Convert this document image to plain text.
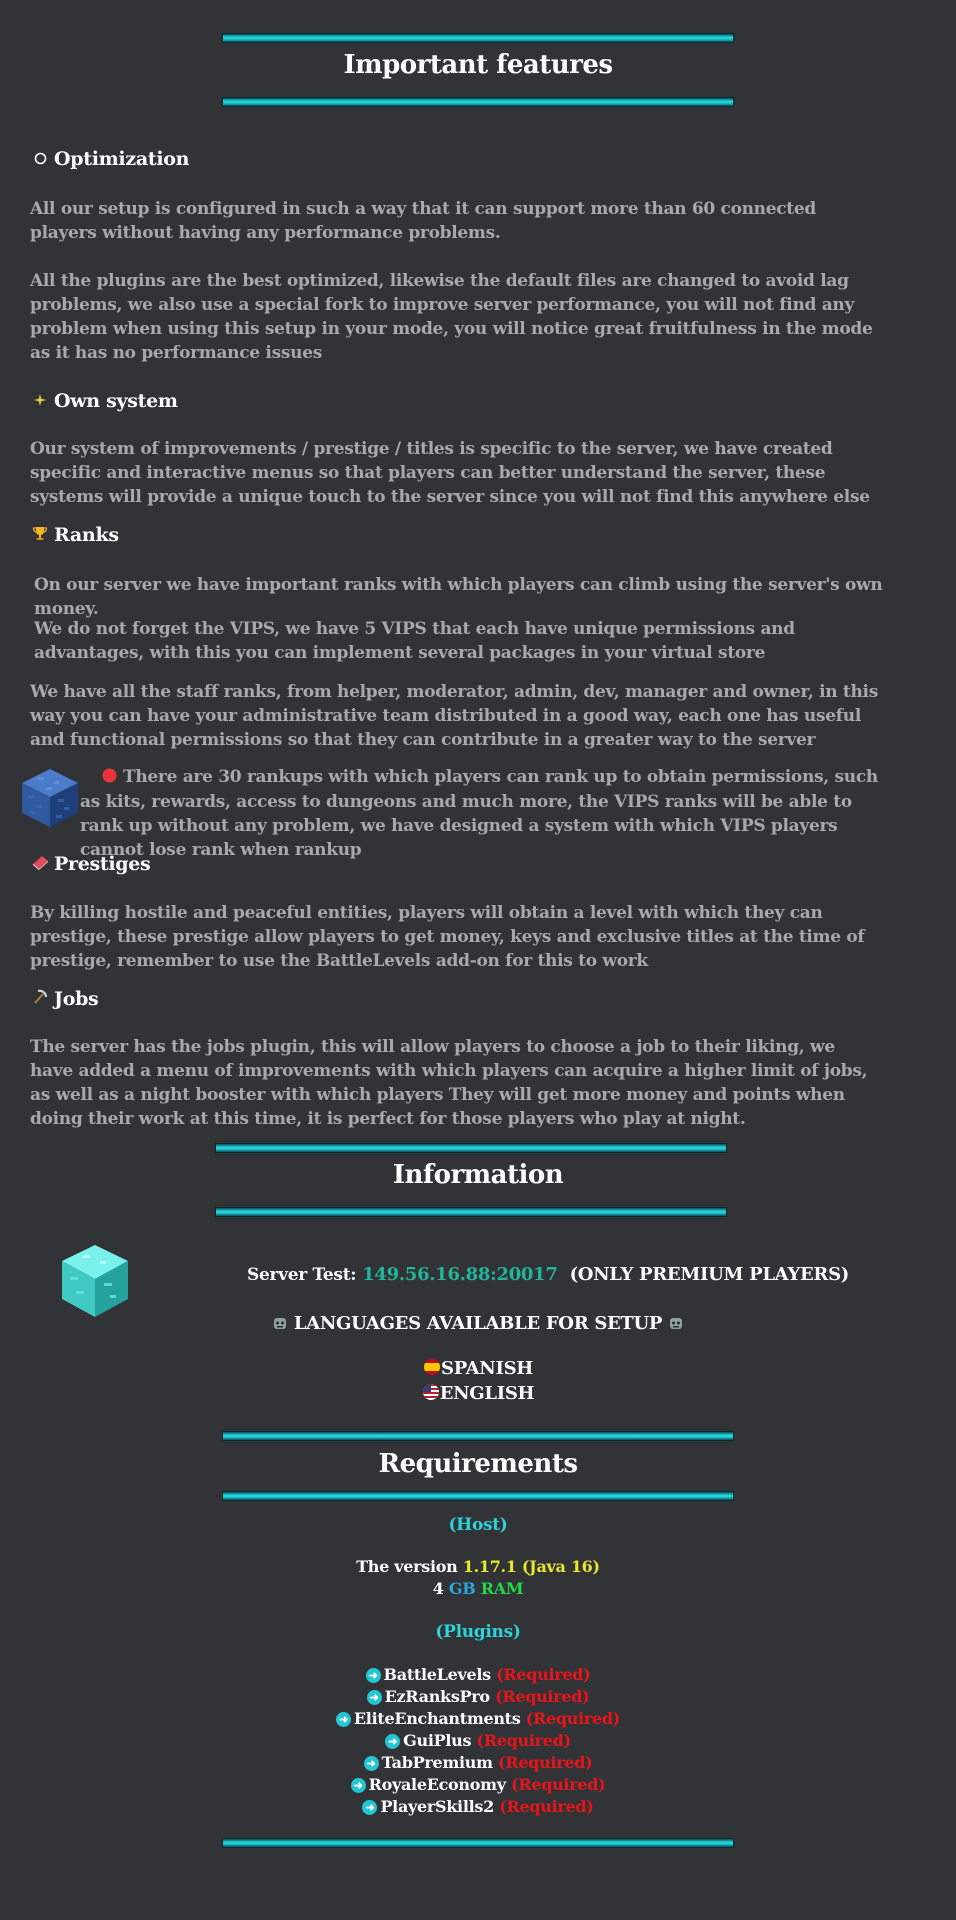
Important features
Optimization
All our setup is configured in such a way that it can support more than 60 connected players without having any performance problems.
All the plugins are the best optimized, likewise the default files are changed to avoid lag problems, we also use a special fork to improve server performance, you will not find any problem when using this setup in your mode, you will notice great fruitfulness in the mode as it has no performance issues
Own system
Our system of improvements / prestige / titles is specific to the server, we have created specific and interactive menus so that players can better understand the server, these systems will provide a unique touch to the server since you will not find this anywhere else
Ranks
On our server we have important ranks with which players can climb using the server's own money.
We do not forget the VIPS, we have 5 VIPS that each have unique permissions and advantages, with this you can implement several packages in your virtual store
We have all the staff ranks, from helper, moderator, admin, dev, manager and owner, in this way you can have your administrative team distributed in a good way, each one has useful and functional permissions so that they can contribute in a greater way to the server
There are 30 rankups with which players can rank up to obtain permissions, such as kits, rewards, access to dungeons and much more, the VIPS ranks will be able to rank up without any problem, we have designed a system with which VIPS players cannot lose rank when rankup
Prestiges
By killing hostile and peaceful entities, players will obtain a level with which they can prestige, these prestige allow players to get money, keys and exclusive titles at the time of prestige, remember to use the BattleLevels add-on for this to work
Jobs
The server has the jobs plugin, this will allow players to choose a job to their liking, we have added a menu of improvements with which players can acquire a higher limit of jobs, as well as a night booster with which players They will get more money and points when doing their work at this time, it is perfect for those players who play at night.
Information
Server Test: 149.56.16.88:20017 (ONLY PREMIUM PLAYERS)
LANGUAGES AVAILABLE FOR SETUP
SPANISH
ENGLISH
Requirements
(Host)
The version 1.17.1 (Java 16)
4 GB RAM
(Plugins)
➜ BattleLevels (Required)
➜ EzRanksPro (Required)
➜ EliteEnchantments (Required)
➜ GuiPlus (Required)
➜ TabPremium (Required)
➜ RoyaleEconomy (Required)
➜ PlayerSkills2 (Required)
